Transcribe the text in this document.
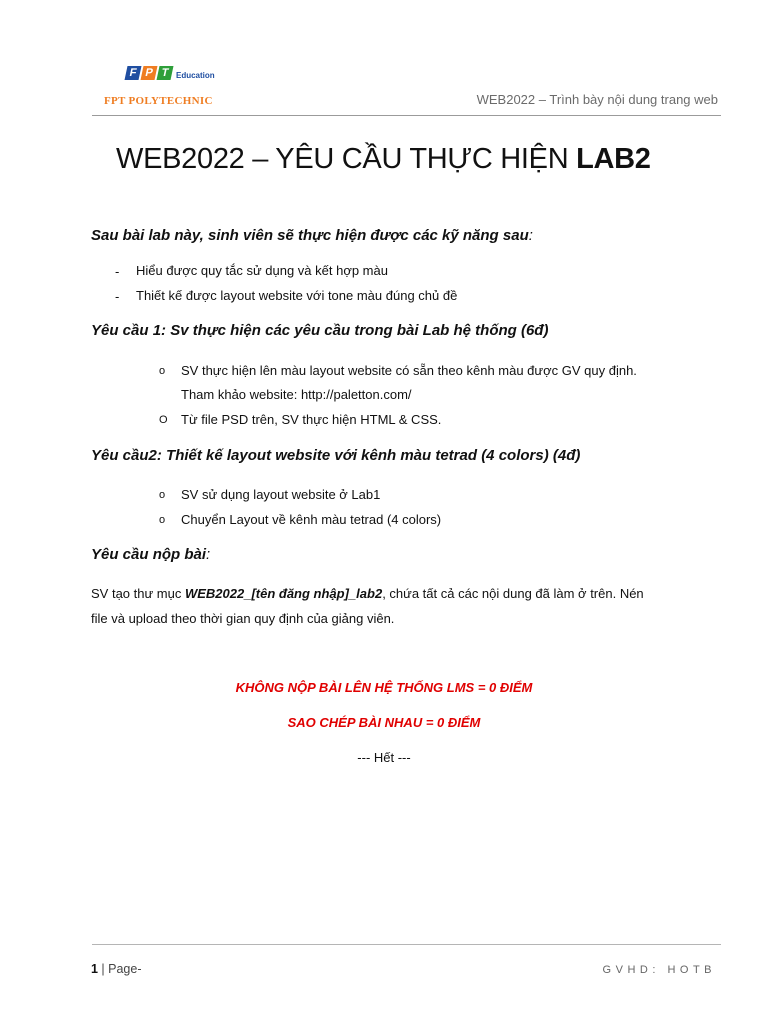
F P T Education
FPT POLYTECHNIC	WEB2022 – Trình bày nội dung trang web
WEB2022 – YÊU CẦU THỰC HIỆN LAB2
Sau bài lab này, sinh viên sẽ thực hiện được các kỹ năng sau:
- Hiểu được quy tắc sử dụng và kết hợp màu
- Thiết kế được layout website với tone màu đúng chủ đề
Yêu cầu 1: Sv thực hiện các yêu cầu trong bài Lab hệ thống (6đ)
o SV thực hiện lên màu layout website có sẵn theo kênh màu được GV quy định.
Tham khảo website: http://paletton.com/
O Từ file PSD trên, SV thực hiện HTML & CSS.
Yêu cầu2: Thiết kế layout website với kênh màu tetrad (4 colors) (4đ)
o SV sử dụng layout website ở Lab1
o Chuyển Layout về kênh màu tetrad (4 colors)
Yêu cầu nộp bài:
SV tạo thư mục WEB2022_[tên đăng nhập]_lab2, chứa tất cả các nội dung đã làm ở trên. Nén
file và upload theo thời gian quy định của giảng viên.
KHÔNG NỘP BÀI LÊN HỆ THỐNG LMS = 0 ĐIỂM
SAO CHÉP BÀI NHAU = 0 ĐIỂM
--- Hết ---
1 | Page-	GVHD: HOTB
